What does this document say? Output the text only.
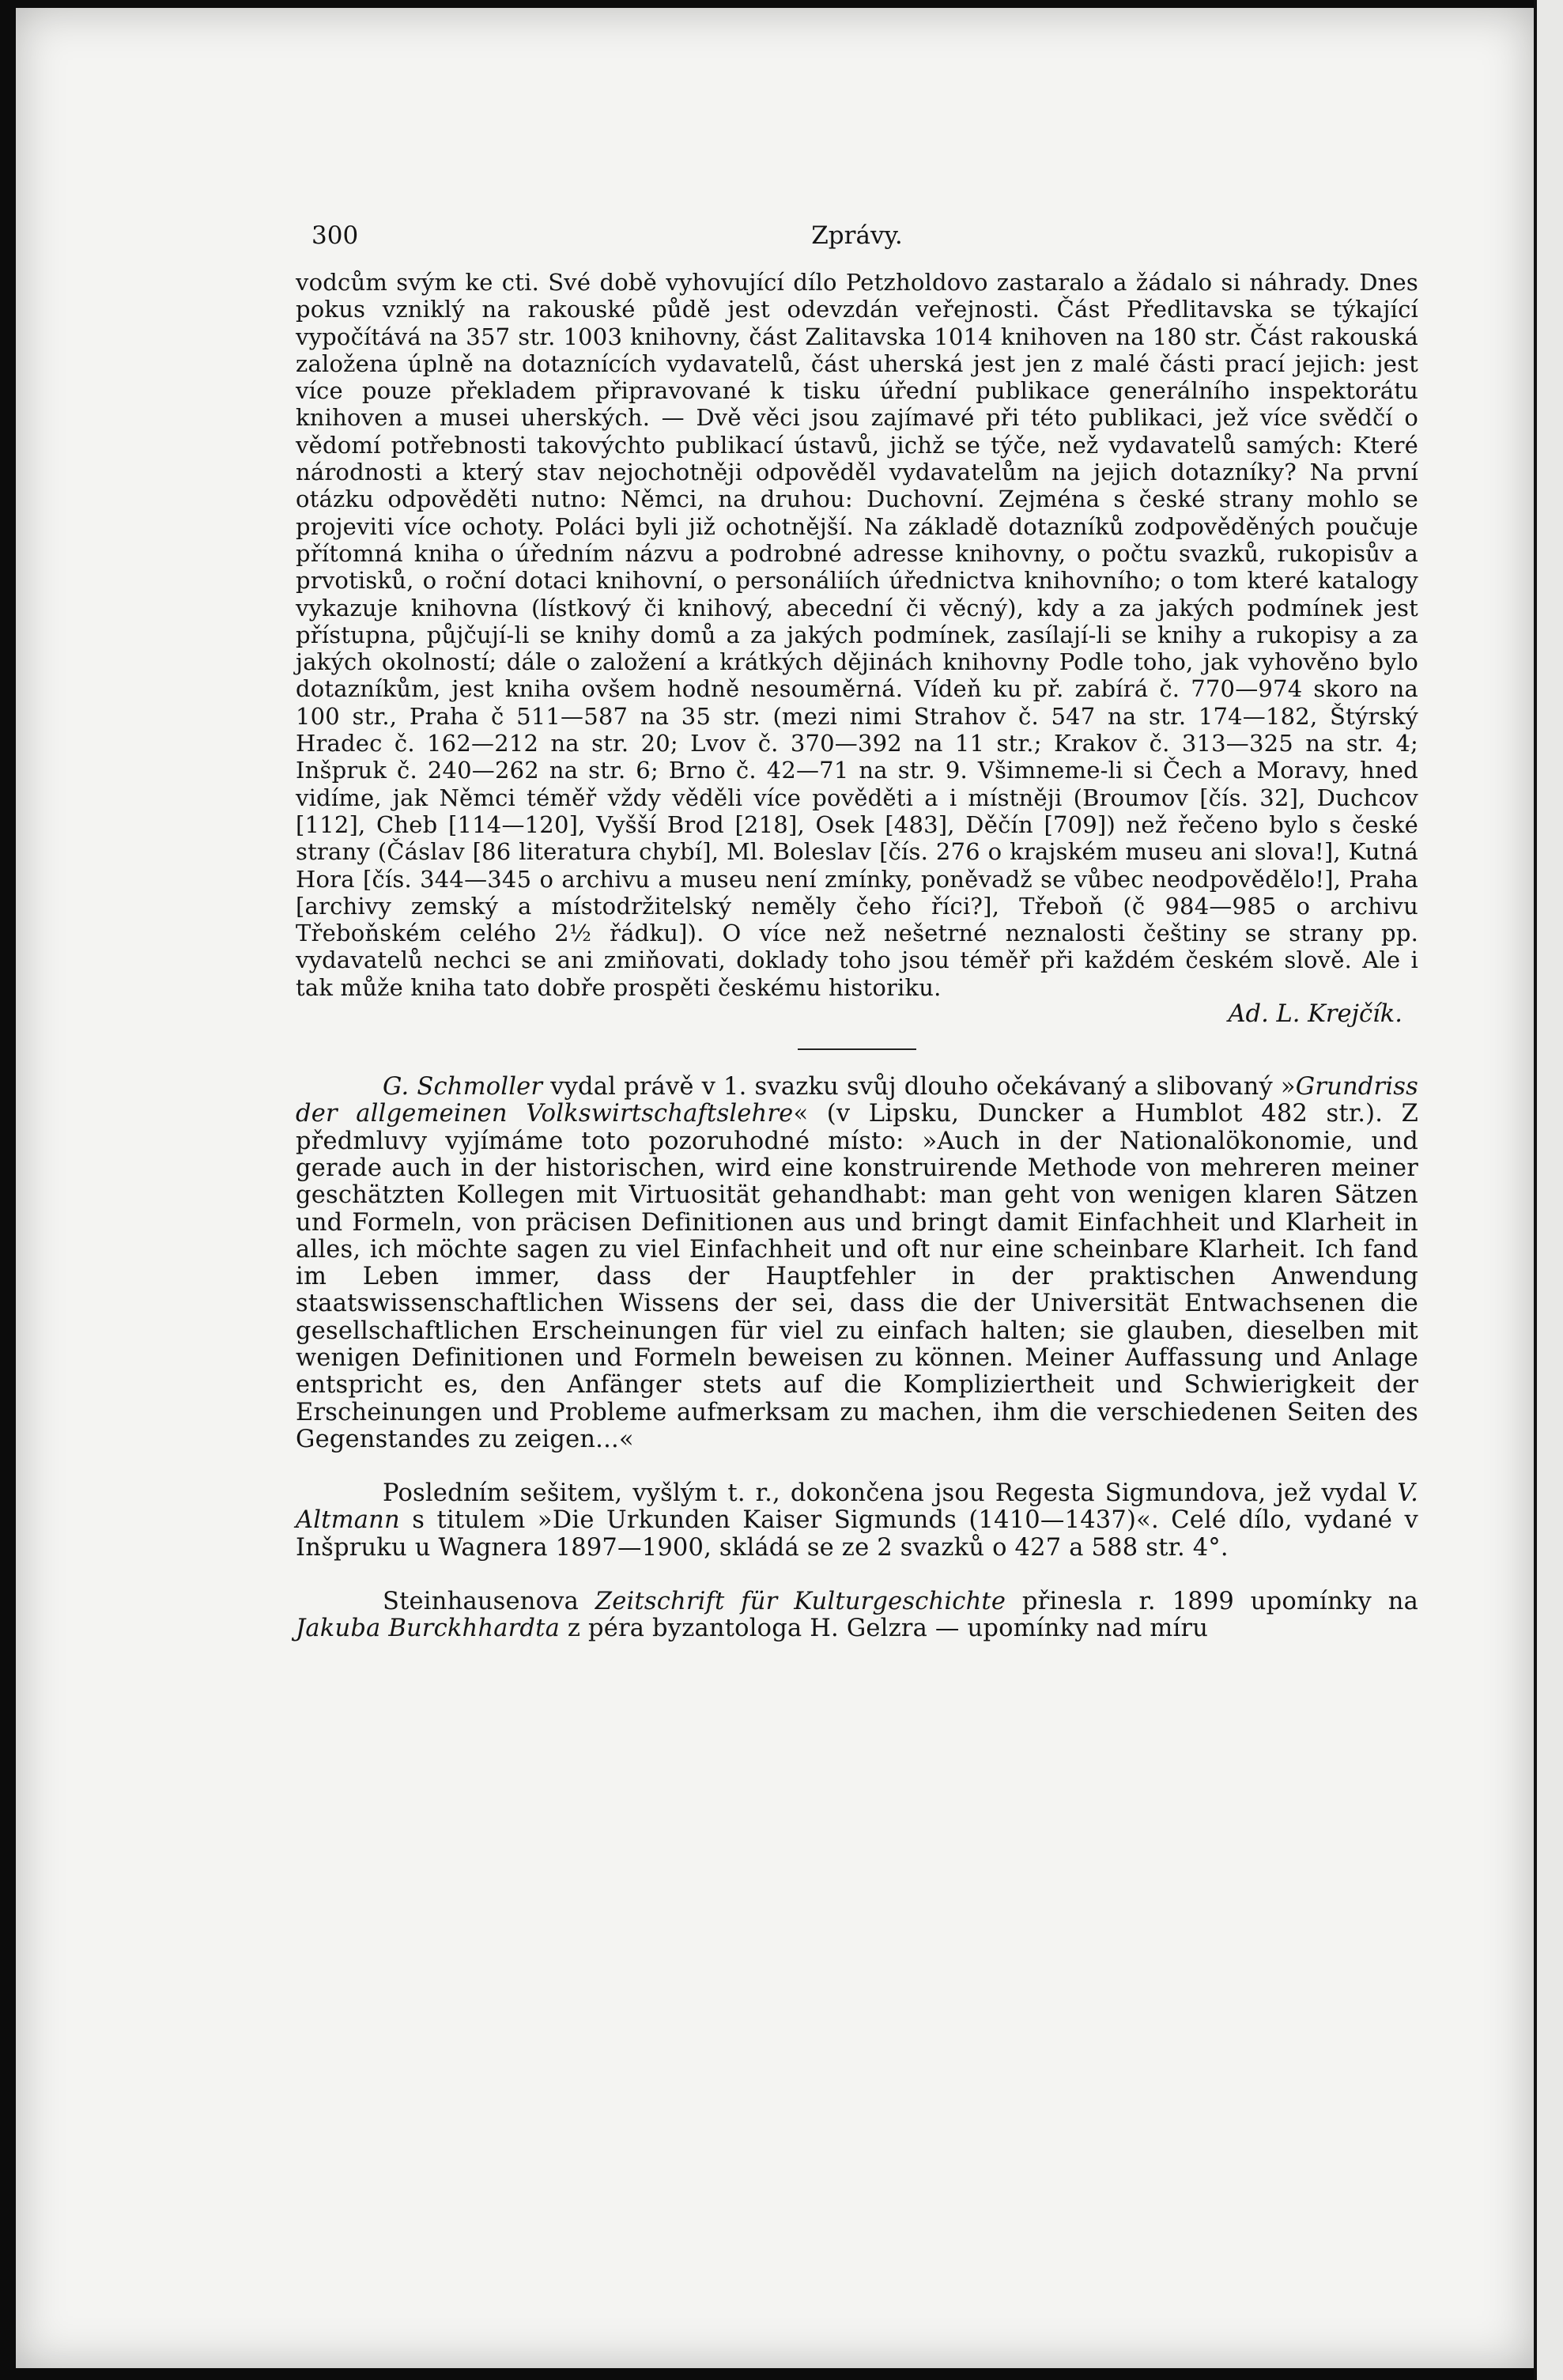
300	Zprávy.

vodcům svým ke cti. Své době vyhovující dílo Petzholdovo zastaralo a žádalo si náhrady. Dnes pokus vzniklý na rakouské půdě jest odevzdán veřejnosti. Část Předlitavska se týkající vypočítává na 357 str. 1003 knihovny, část Zalitavska 1014 knihoven na 180 str. Část rakouská založena úplně na dotaznících vydavatelů, část uherská jest jen z malé části prací jejich: jest více pouze překladem připravované k tisku úřední publikace generálního inspektorátu knihoven a musei uherských. — Dvě věci jsou zajímavé při této publikaci, jež více svědčí o vědomí potřebnosti takovýchto publikací ústavů, jichž se týče, než vydavatelů samých: Které národnosti a který stav nejochotněji odpověděl vydavatelům na jejich dotazníky? Na první otázku odpověděti nutno: Němci, na druhou: Duchovní. Zejména s české strany mohlo se projeviti více ochoty. Poláci byli již ochotnější. Na základě dotazníků zodpověděných poučuje přítomná kniha o úředním názvu a podrobné adresse knihovny, o počtu svazků, rukopisův a prvotisků, o roční dotaci knihovní, o personáliích úřednictva knihovního; o tom které katalogy vykazuje knihovna (lístkový či knihový, abecední či věcný), kdy a za jakých podmínek jest přístupna, půjčují-li se knihy domů a za jakých podmínek, zasílají-li se knihy a rukopisy a za jakých okolností; dále o založení a krátkých dějinách knihovny Podle toho, jak vyhověno bylo dotazníkům, jest kniha ovšem hodně nesouměrná. Vídeň ku př. zabírá č. 770—974 skoro na 100 str., Praha č 511—587 na 35 str. (mezi nimi Strahov č. 547 na str. 174—182, Štýrský Hradec č. 162—212 na str. 20; Lvov č. 370—392 na 11 str.; Krakov č. 313—325 na str. 4; Inšpruk č. 240—262 na str. 6; Brno č. 42—71 na str. 9. Všimneme-li si Čech a Moravy, hned vidíme, jak Němci téměř vždy věděli více pověděti a i místněji (Broumov [čís. 32], Duchcov [112], Cheb [114—120], Vyšší Brod [218], Osek [483], Děčín [709]) než řečeno bylo s české strany (Čáslav [86 literatura chybí], Ml. Boleslav [čís. 276 o krajském museu ani slova!], Kutná Hora [čís. 344—345 o archivu a museu není zmínky, poněvadž se vůbec neodpovědělo!], Praha [archivy zemský a místodržitelský neměly čeho říci?], Třeboň (č 984—985 o archivu Třeboňském celého 2½ řádku]). O více než nešetrné neznalosti češtiny se strany pp. vydavatelů nechci se ani zmiňovati, doklady toho jsou téměř při každém českém slově. Ale i tak může kniha tato dobře prospěti českému historiku.

Ad. L. Krejčík.

G. Schmoller vydal právě v 1. svazku svůj dlouho očekávaný a slibovaný »Grundriss der allgemeinen Volkswirtschaftslehre« (v Lipsku, Duncker a Humblot 482 str.). Z předmluvy vyjímáme toto pozoruhodné místo: »Auch in der Nationalökonomie, und gerade auch in der historischen, wird eine konstruirende Methode von mehreren meiner geschätzten Kollegen mit Virtuosität gehandhabt: man geht von wenigen klaren Sätzen und Formeln, von präcisen Definitionen aus und bringt damit Einfachheit und Klarheit in alles, ich möchte sagen zu viel Einfachheit und oft nur eine scheinbare Klarheit. Ich fand im Leben immer, dass der Hauptfehler in der praktischen Anwendung staatswissenschaftlichen Wissens der sei, dass die der Universität Entwachsenen die gesellschaftlichen Erscheinungen für viel zu einfach halten; sie glauben, dieselben mit wenigen Definitionen und Formeln beweisen zu können. Meiner Auffassung und Anlage entspricht es, den Anfänger stets auf die Kompliziertheit und Schwierigkeit der Erscheinungen und Probleme aufmerksam zu machen, ihm die verschiedenen Seiten des Gegenstandes zu zeigen...«

Posledním sešitem, vyšlým t. r., dokončena jsou Regesta Sigmundova, jež vydal V. Altmann s titulem »Die Urkunden Kaiser Sigmunds (1410—1437)«. Celé dílo, vydané v Inšpruku u Wagnera 1897—1900, skládá se ze 2 svazků o 427 a 588 str. 4°.

Steinhausenova Zeitschrift für Kulturgeschichte přinesla r. 1899 upomínky na Jakuba Burckhhardta z péra byzantologa H. Gelzra — upomínky nad míru
